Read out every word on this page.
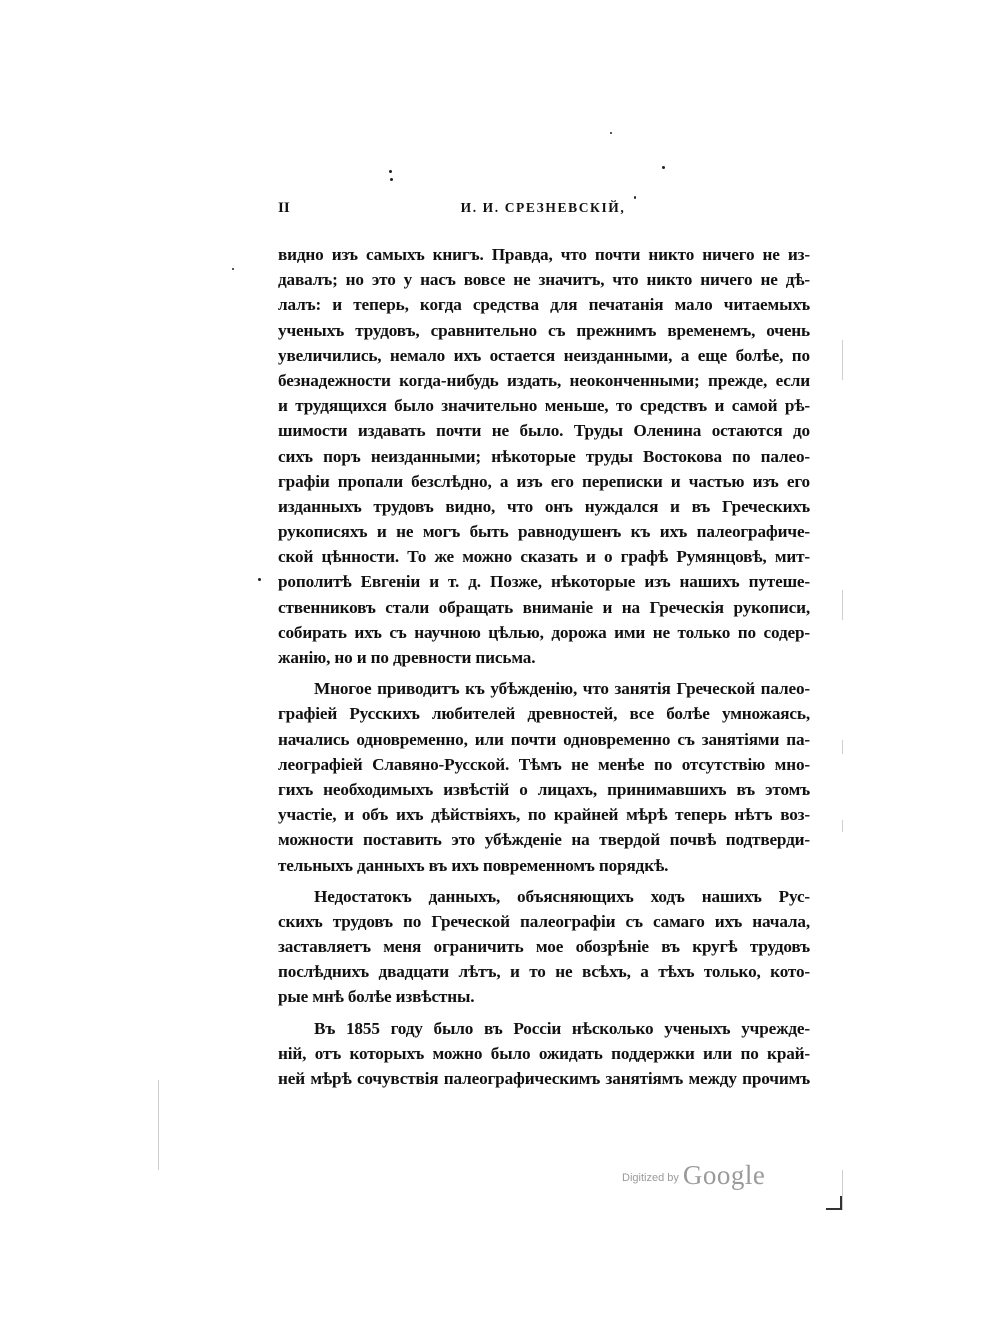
II	И. И. СРЕЗНЕВСКІЙ,

видно изъ самыхъ книгъ. Правда, что почти никто ничего не из-
давалъ; но это у насъ вовсе не значитъ, что никто ничего не дѣ-
лалъ: и теперь, когда средства для печатанія мало читаемыхъ
ученыхъ трудовъ, сравнительно съ прежнимъ временемъ, очень
увеличились, немало ихъ остается неизданными, а еще болѣе, по
безнадежности когда-нибудь издать, неоконченными; прежде, если
и трудящихся было значительно меньше, то средствъ и самой рѣ-
шимости издавать почти не было. Труды Оленина остаются до
сихъ поръ неизданными; нѣкоторые труды Востокова по палео-
графіи пропали безслѣдно, а изъ его переписки и частью изъ его
изданныхъ трудовъ видно, что онъ нуждался и въ Греческихъ
рукописяхъ и не могъ быть равнодушенъ къ ихъ палеографиче-
ской цѣнности. То же можно сказать и о графѣ Румянцовѣ, мит-
рополитѣ Евгеніи и т. д. Позже, нѣкоторые изъ нашихъ путеше-
ственниковъ стали обращать вниманіе и на Греческія рукописи,
собирать ихъ съ научною цѣлью, дорожа ими не только по содер-
жанію, но и по древности письма.

Многое приводитъ къ убѣжденію, что занятія Греческой палео-
графіей Русскихъ любителей древностей, все болѣе умножаясь,
начались одновременно, или почти одновременно съ занятіями па-
леографіей Славяно-Русской. Тѣмъ не менѣе по отсутствію мно-
гихъ необходимыхъ извѣстій о лицахъ, принимавшихъ въ этомъ
участіе, и объ ихъ дѣйствіяхъ, по крайней мѣрѣ теперь нѣтъ воз-
можности поставить это убѣжденіе на твердой почвѣ подтверди-
тельныхъ данныхъ въ ихъ повременномъ порядкѣ.

Недостатокъ данныхъ, объясняющихъ ходъ нашихъ Рус-
скихъ трудовъ по Греческой палеографіи съ самаго ихъ начала,
заставляетъ меня ограничить мое обозрѣніе въ кругѣ трудовъ
послѣднихъ двадцати лѣтъ, и то не всѣхъ, а тѣхъ только, кото-
рые мнѣ болѣе извѣстны.

Въ 1855 году было въ Россіи нѣсколько ученыхъ учрежде-
ній, отъ которыхъ можно было ожидать поддержки или по край-
ней мѣрѣ сочувствія палеографическимъ занятіямъ между прочимъ

Digitized by Google
